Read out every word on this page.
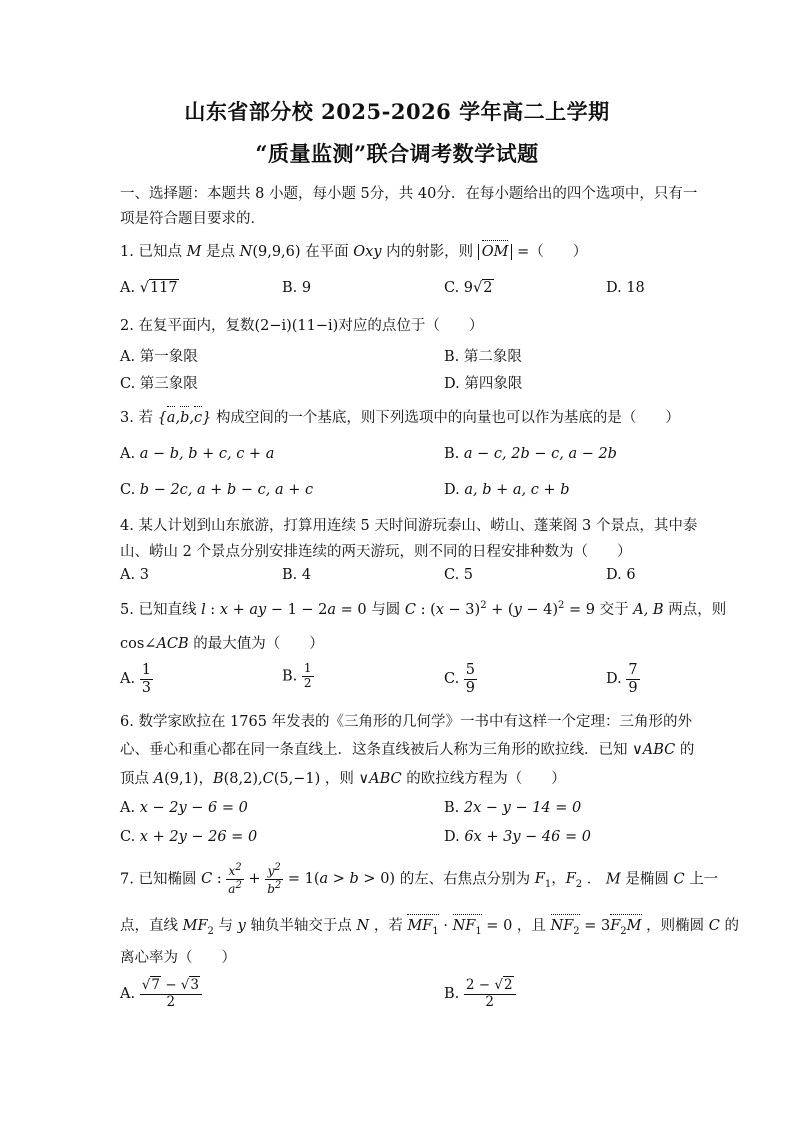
山东省部分校 2025-2026 学年高二上学期
“质量监测”联合调考数学试题
一、选择题：本题共 8 小题，每小题 5分，共 40分．在每小题给出的四个选项中，只有一
项是符合题目要求的．
1. 已知点 M 是点 N(9,9,6) 在平面 Oxy 内的射影，则 OM =（　　）
A. √117	B. 9	C. 9√2	D. 18
2. 在复平面内，复数(2−i)(11−i)对应的点位于（　　）
A. 第一象限	B. 第二象限
C. 第三象限	D. 第四象限
3. 若 {a,b,c} 构成空间的一个基底，则下列选项中的向量也可以作为基底的是（　　）
A. a − b, b + c, c + a	B. a − c, 2b − c, a − 2b
C. b − 2c, a + b − c, a + c	D. a, b + a, c + b
4. 某人计划到山东旅游，打算用连续 5 天时间游玩泰山、崂山、蓬莱阁 3 个景点，其中泰
山、崂山 2 个景点分别安排连续的两天游玩，则不同的日程安排种数为（　　）
A. 3	B. 4	C. 5	D. 6
5. 已知直线 l : x + ay − 1 − 2a = 0 与圆 C : $(x - 3)^2 + (y - 4)^2 = 9$ 交于 A, B 两点，则
cos∠ACB 的最大值为（　　）
A. $\frac{1}{3}$	B. $\frac{1}{2}$	C. $\frac{5}{9}$	D. $\frac{7}{9}$
6. 数学家欧拉在 1765 年发表的《三角形的几何学》一书中有这样一个定理：三角形的外
心、垂心和重心都在同一条直线上．这条直线被后人称为三角形的欧拉线．已知 ∨ABC 的
顶点 A(9,1)，B(8,2),C(5,−1) ，则 ∨ABC 的欧拉线方程为（　　）
A. x − 2y − 6 = 0	B. 2x − y − 14 = 0
C. x + 2y − 26 = 0	D. 6x + 3y − 46 = 0
7. 已知椭圆 C : $\frac{x^2}{a^2} + \frac{y^2}{b^2} = 1(a > b > 0)$ 的左、右焦点分别为 $F_1$，$F_2$ ． M 是椭圆 C 上一
点，直线 $MF_2$ 与 y 轴负半轴交于点 N ，若 $MF_1 \cdot NF_1 = 0$ ，且 $NF_2 = 3F_2M$ ，则椭圆 C 的
离心率为（　　）
A. $\frac{√7 - √3}{2}$	B. $\frac{2 - √2}{2}$
